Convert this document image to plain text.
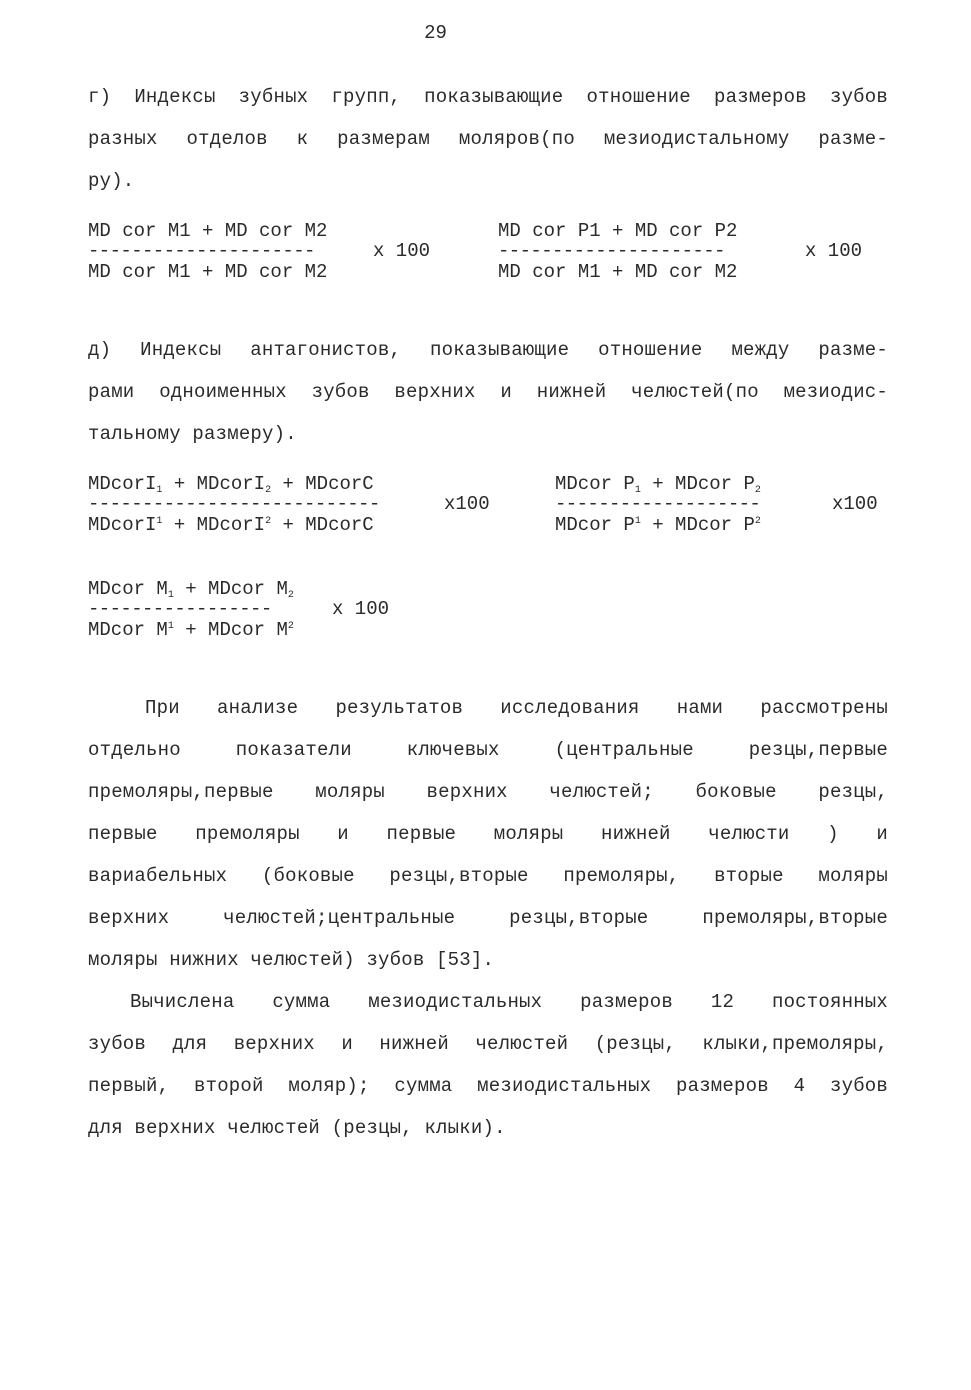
29
г) Индексы зубных групп, показывающие отношение размеров зубов
разных отделов к размерам моляров(по мезиодистальному разме-
ру).
MD cor M1 + MD cor M2
---------------------	x 100
MD cor M1 + MD cor M2
MD cor P1 + MD cor P2
---------------------	x 100
MD cor M1 + MD cor M2
д) Индексы антагонистов, показывающие отношение между разме-
рами одноименных зубов верхних и нижней челюстей(по мезиодис-
тальному размеру).
MDcorI$_1$ + MDcorI$_2$ + MDcorC
---------------------------	x100
MDcorI$^1$ + MDcorI$^2$ + MDcorC
MDcor $P_1$ + MDcor $P_2$
-------------------	x100
MDcor $P^1$ + MDcor $P^2$
MDcor $M_1$ + MDcor $M_2$
-----------------	x 100
MDcor $M^1$ + MDcor $M^2$
При анализе результатов исследования нами рассмотрены
отдельно показатели ключевых (центральные резцы,первые
премоляры,первые моляры верхних челюстей; боковые резцы,
первые премоляры и первые моляры нижней челюсти ) и
вариабельных (боковые резцы,вторые премоляры, вторые моляры
верхних челюстей;центральные резцы,вторые премоляры,вторые
моляры нижних челюстей) зубов [53].
Вычислена сумма мезиодистальных размеров 12 постоянных
зубов для верхних и нижней челюстей (резцы, клыки,премоляры,
первый, второй моляр); сумма мезиодистальных размеров 4 зубов
для верхних челюстей (резцы, клыки).
